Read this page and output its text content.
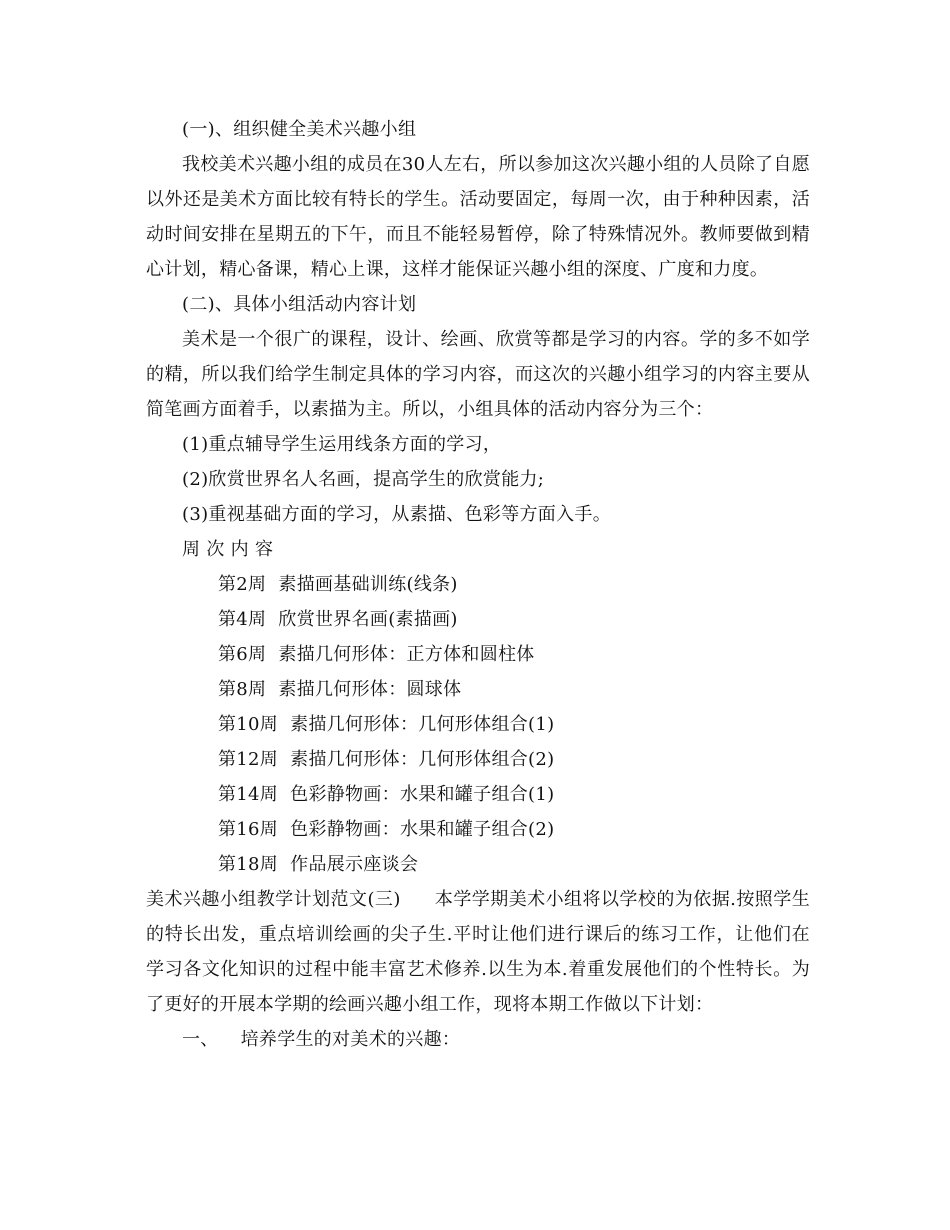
(一)、组织健全美术兴趣小组

我校美术兴趣小组的成员在30人左右，所以参加这次兴趣小组的人员除了自愿以外还是美术方面比较有特长的学生。活动要固定，每周一次，由于种种因素，活动时间安排在星期五的下午，而且不能轻易暂停，除了特殊情况外。教师要做到精心计划，精心备课，精心上课，这样才能保证兴趣小组的深度、广度和力度。

(二)、具体小组活动内容计划

美术是一个很广的课程，设计、绘画、欣赏等都是学习的内容。学的多不如学的精，所以我们给学生制定具体的学习内容，而这次的兴趣小组学习的内容主要从简笔画方面着手，以素描为主。所以，小组具体的活动内容分为三个：

(1)重点辅导学生运用线条方面的学习，

(2)欣赏世界名人名画，提高学生的欣赏能力;

(3)重视基础方面的学习，从素描、色彩等方面入手。

周 次 内 容

第2周 素描画基础训练(线条)

第4周 欣赏世界名画(素描画)

第6周 素描几何形体：正方体和圆柱体

第8周 素描几何形体：圆球体

第10周 素描几何形体：几何形体组合(1)

第12周 素描几何形体：几何形体组合(2)

第14周 色彩静物画：水果和罐子组合(1)

第16周 色彩静物画：水果和罐子组合(2)

第18周 作品展示座谈会

美术兴趣小组教学计划范文(三) 本学学期美术小组将以学校的为依据.按照学生的特长出发，重点培训绘画的尖子生.平时让他们进行课后的练习工作，让他们在学习各文化知识的过程中能丰富艺术修养.以生为本.着重发展他们的个性特长。为了更好的开展本学期的绘画兴趣小组工作，现将本期工作做以下计划：

一、 培养学生的对美术的兴趣：
